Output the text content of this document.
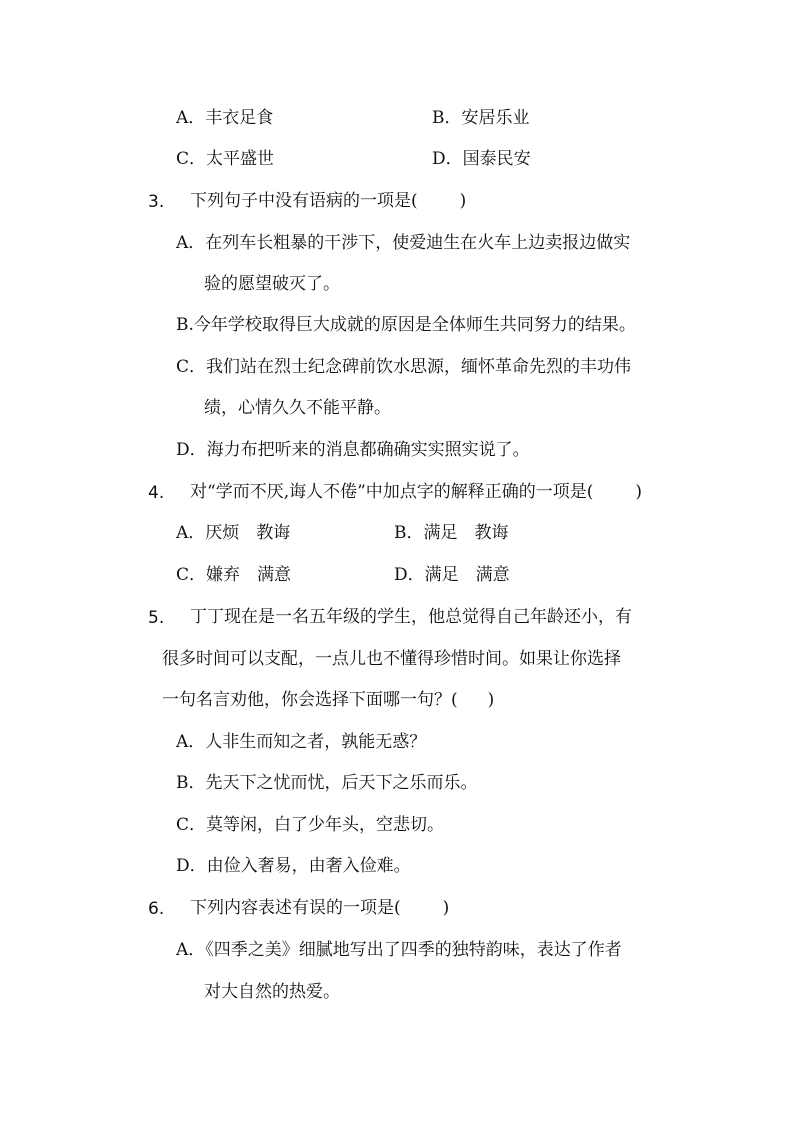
A．丰衣足食	B．安居乐业
C．太平盛世	D．国泰民安
3. 下列句子中没有语病的一项是( )
A．在列车长粗暴的干涉下，使爱迪生在火车上边卖报边做实
验的愿望破灭了。
B.今年学校取得巨大成就的原因是全体师生共同努力的结果。
C．我们站在烈士纪念碑前饮水思源，缅怀革命先烈的丰功伟
绩，心情久久不能平静。
D．海力布把听来的消息都确确实实照实说了。
4. 对“学而不厌,诲人不倦”中加点字的解释正确的一项是( )
A．厌烦　教诲	B．满足　教诲
C．嫌弃　满意	D．满足　满意
5. 丁丁现在是一名五年级的学生，他总觉得自己年龄还小，有
很多时间可以支配，一点儿也不懂得珍惜时间。如果让你选择
一句名言劝他，你会选择下面哪一句？( )
A．人非生而知之者，孰能无惑？
B．先天下之忧而忧，后天下之乐而乐。
C．莫等闲，白了少年头，空悲切。
D．由俭入奢易，由奢入俭难。
6. 下列内容表述有误的一项是( )
A．《四季之美》细腻地写出了四季的独特韵味，表达了作者
对大自然的热爱。
